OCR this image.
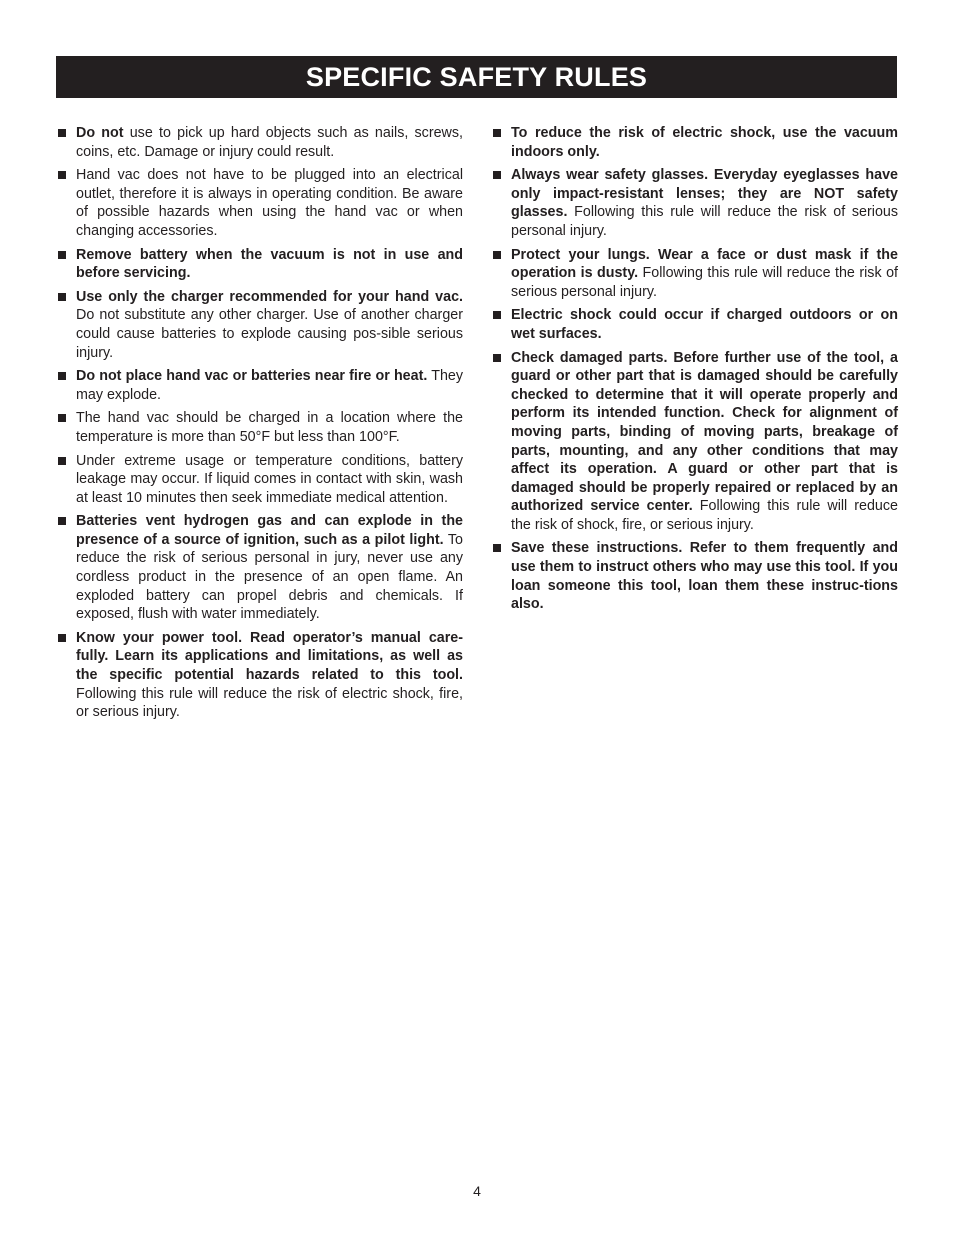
SPECIFIC SAFETY RULES
Do not use to pick up hard objects such as nails, screws, coins, etc. Damage or injury could result.
Hand vac does not have to be plugged into an electrical outlet, therefore it is always in operating condition. Be aware of possible hazards when using the hand vac or when changing accessories.
Remove battery when the vacuum is not in use and before servicing.
Use only the charger recommended for your hand vac. Do not substitute any other charger. Use of another charger could cause batteries to explode causing pos-sible serious injury.
Do not place hand vac or batteries near fire or heat. They may explode.
The hand vac should be charged in a location where the temperature is more than 50°F but less than 100°F.
Under extreme usage or temperature conditions, battery leakage may occur. If liquid comes in contact with skin, wash at least 10 minutes then seek immediate medical attention.
Batteries vent hydrogen gas and can explode in the presence of a source of ignition, such as a pilot light. To reduce the risk of serious personal in jury, never use any cordless product in the presence of an open flame. An exploded battery can propel debris and chemicals. If exposed, flush with water immediately.
Know your power tool. Read operator’s manual care-fully. Learn its applications and limitations, as well as the specific potential hazards related to this tool. Following this rule will reduce the risk of electric shock, fire, or serious injury.
To reduce the risk of electric shock, use the vacuum indoors only.
Always wear safety glasses. Everyday eyeglasses have only impact-resistant lenses; they are NOT safety glasses. Following this rule will reduce the risk of serious personal injury.
Protect your lungs. Wear a face or dust mask if the operation is dusty. Following this rule will reduce the risk of serious personal injury.
Electric shock could occur if charged outdoors or on wet surfaces.
Check damaged parts. Before further use of the tool, a guard or other part that is damaged should be carefully checked to determine that it will operate properly and perform its intended function. Check for alignment of moving parts, binding of moving parts, breakage of parts, mounting, and any other conditions that may affect its operation. A guard or other part that is damaged should be properly repaired or replaced by an authorized service center. Following this rule will reduce the risk of shock, fire, or serious injury.
Save these instructions. Refer to them frequently and use them to instruct others who may use this tool. If you loan someone this tool, loan them these instruc-tions also.
4
